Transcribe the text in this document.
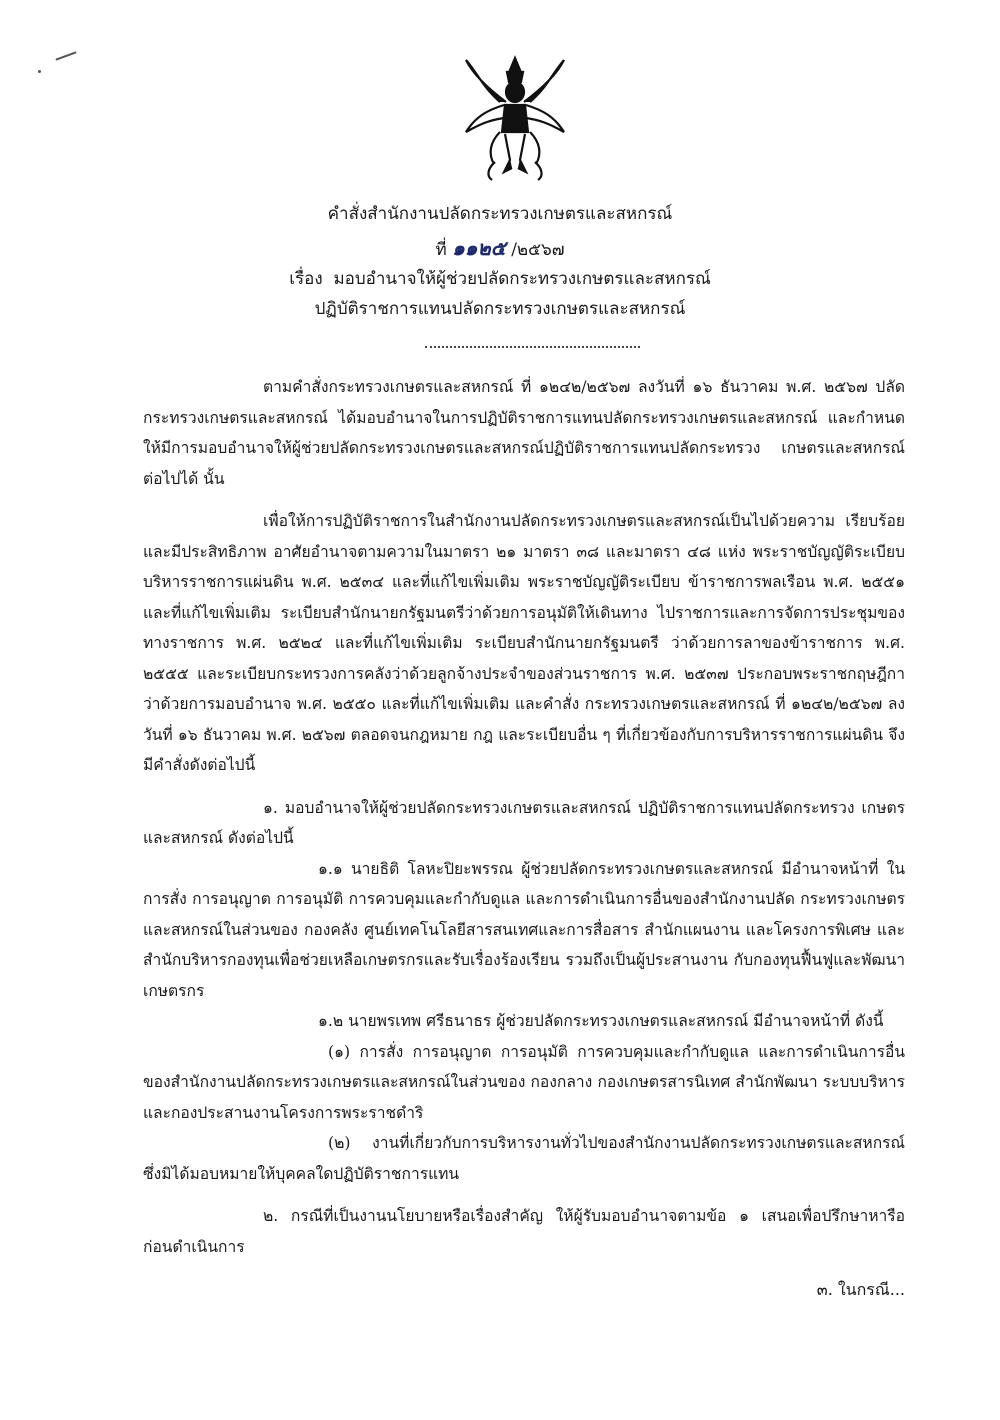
คำสั่งสำนักงานปลัดกระทรวงเกษตรและสหกรณ์
ที่ ๑๑๒๕ /๒๕๖๗
เรื่อง มอบอำนาจให้ผู้ช่วยปลัดกระทรวงเกษตรและสหกรณ์
ปฏิบัติราชการแทนปลัดกระทรวงเกษตรและสหกรณ์

ตามคำสั่งกระทรวงเกษตรและสหกรณ์ ที่ ๑๒๔๒/๒๕๖๗ ลงวันที่ ๑๖ ธันวาคม พ.ศ. ๒๕๖๗ ปลัดกระทรวงเกษตรและสหกรณ์ ได้มอบอำนาจในการปฏิบัติราชการแทนปลัดกระทรวงเกษตรและสหกรณ์ และกำหนดให้มีการมอบอำนาจให้ผู้ช่วยปลัดกระทรวงเกษตรและสหกรณ์ปฏิบัติราชการแทนปลัดกระทรวง เกษตรและสหกรณ์ต่อไปได้ นั้น

เพื่อให้การปฏิบัติราชการในสำนักงานปลัดกระทรวงเกษตรและสหกรณ์เป็นไปด้วยความ เรียบร้อย และมีประสิทธิภาพ อาศัยอำนาจตามความในมาตรา ๒๑ มาตรา ๓๘ และมาตรา ๔๘ แห่ง พระราชบัญญัติระเบียบบริหารราชการแผ่นดิน พ.ศ. ๒๕๓๔ และที่แก้ไขเพิ่มเติม พระราชบัญญัติระเบียบ ข้าราชการพลเรือน พ.ศ. ๒๕๕๑ และที่แก้ไขเพิ่มเติม ระเบียบสำนักนายกรัฐมนตรีว่าด้วยการอนุมัติให้เดินทาง ไปราชการและการจัดการประชุมของทางราชการ พ.ศ. ๒๕๒๔ และที่แก้ไขเพิ่มเติม ระเบียบสำนักนายกรัฐมนตรี ว่าด้วยการลาของข้าราชการ พ.ศ. ๒๕๕๕ และระเบียบกระทรวงการคลังว่าด้วยลูกจ้างประจำของส่วนราชการ พ.ศ. ๒๕๓๗ ประกอบพระราชกฤษฎีกาว่าด้วยการมอบอำนาจ พ.ศ. ๒๕๕๐ และที่แก้ไขเพิ่มเติม และคำสั่ง กระทรวงเกษตรและสหกรณ์ ที่ ๑๒๔๒/๒๕๖๗ ลงวันที่ ๑๖ ธันวาคม พ.ศ. ๒๕๖๗ ตลอดจนกฎหมาย กฎ และระเบียบอื่น ๆ ที่เกี่ยวข้องกับการบริหารราชการแผ่นดิน จึงมีคำสั่งดังต่อไปนี้

๑. มอบอำนาจให้ผู้ช่วยปลัดกระทรวงเกษตรและสหกรณ์ ปฏิบัติราชการแทนปลัดกระทรวง เกษตรและสหกรณ์ ดังต่อไปนี้

๑.๑ นายธิติ โลหะปิยะพรรณ ผู้ช่วยปลัดกระทรวงเกษตรและสหกรณ์ มีอำนาจหน้าที่ ในการสั่ง การอนุญาต การอนุมัติ การควบคุมและกำกับดูแล และการดำเนินการอื่นของสำนักงานปลัด กระทรวงเกษตรและสหกรณ์ในส่วนของ กองคลัง ศูนย์เทคโนโลยีสารสนเทศและการสื่อสาร สำนักแผนงาน และโครงการพิเศษ และสำนักบริหารกองทุนเพื่อช่วยเหลือเกษตรกรและรับเรื่องร้องเรียน รวมถึงเป็นผู้ประสานงาน กับกองทุนฟื้นฟูและพัฒนาเกษตรกร

๑.๒ นายพรเทพ ศรีธนาธร ผู้ช่วยปลัดกระทรวงเกษตรและสหกรณ์ มีอำนาจหน้าที่ ดังนี้

(๑) การสั่ง การอนุญาต การอนุมัติ การควบคุมและกำกับดูแล และการดำเนินการอื่น ของสำนักงานปลัดกระทรวงเกษตรและสหกรณ์ในส่วนของ กองกลาง กองเกษตรสารนิเทศ สำนักพัฒนา ระบบบริหาร และกองประสานงานโครงการพระราชดำริ

(๒) งานที่เกี่ยวกับการบริหารงานทั่วไปของสำนักงานปลัดกระทรวงเกษตรและสหกรณ์ ซึ่งมิได้มอบหมายให้บุคคลใดปฏิบัติราชการแทน

๒. กรณีที่เป็นงานนโยบายหรือเรื่องสำคัญ ให้ผู้รับมอบอำนาจตามข้อ ๑ เสนอเพื่อปรึกษาหารือ ก่อนดำเนินการ

๓. ในกรณี...
